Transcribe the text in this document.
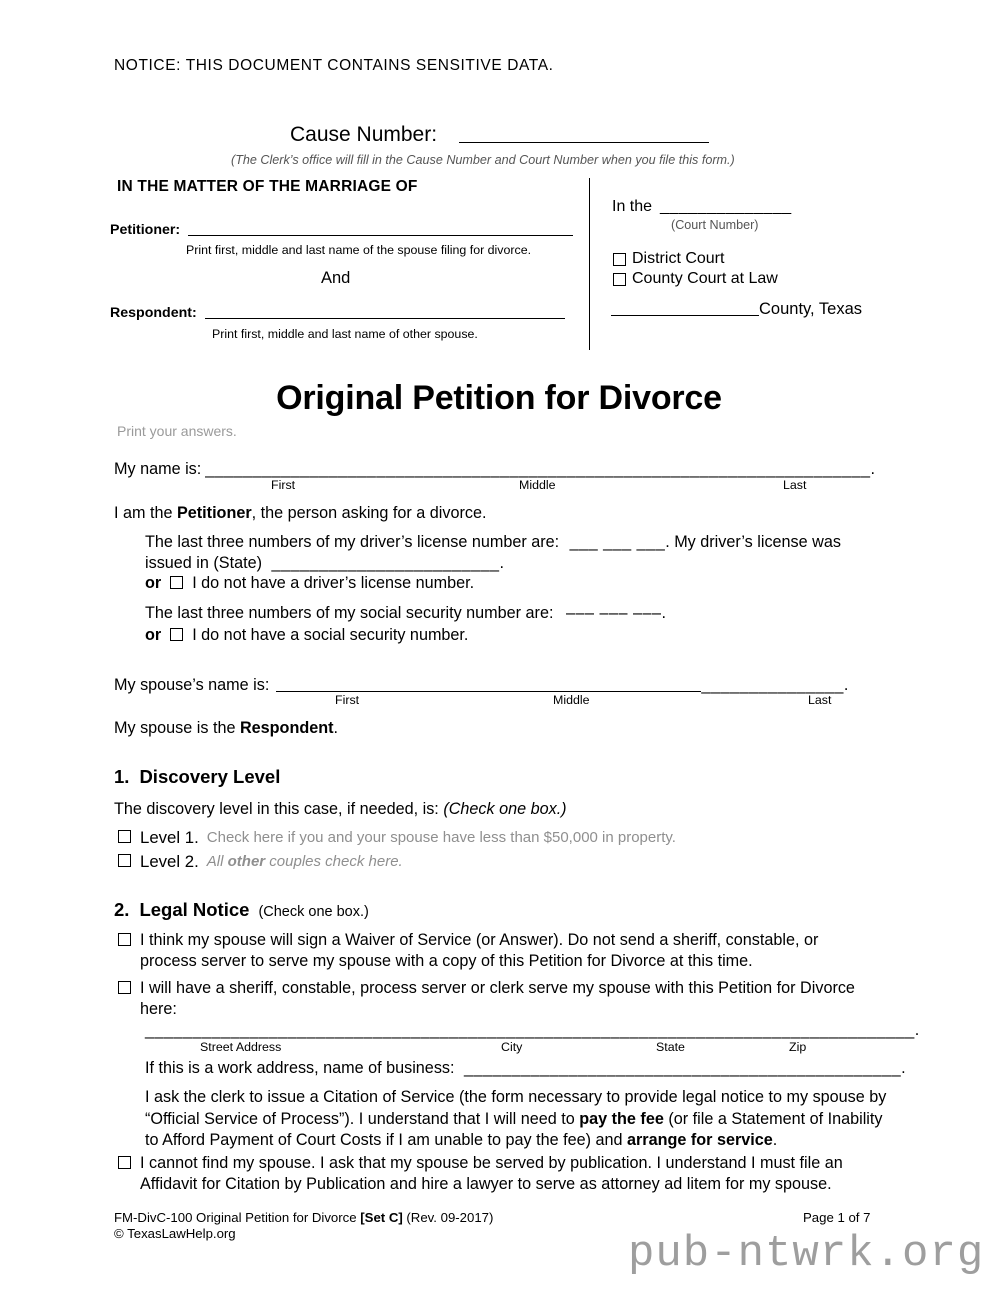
NOTICE: THIS DOCUMENT CONTAINS SENSITIVE DATA.
Cause Number:
(The Clerk’s office will fill in the Cause Number and Court Number when you file this form.)
IN THE MATTER OF THE MARRIAGE OF
Petitioner:
Print first, middle and last name of the spouse filing for divorce.
And
Respondent:
Print first, middle and last name of other spouse.
In the ______________
(Court Number)
District Court
County Court at Law
County, Texas
Original Petition for Divorce
Print your answers.
My name is: ______________________________________________________________________ .
First	Middle	Last
I am the Petitioner, the person asking for a divorce.
The last three numbers of my driver’s license number are: ___ ___ ___. My driver’s license was
issued in (State) ________________________.
or I do not have a driver’s license number.
The last three numbers of my social security number are: ––– ––– –––.
or I do not have a social security number.
My spouse’s name is:	_______________ .
First	Middle	Last
My spouse is the Respondent.
1. Discovery Level
The discovery level in this case, if needed, is: (Check one box.)
Level 1. Check here if you and your spouse have less than $50,000 in property.
Level 2. All other couples check here.
2. Legal Notice (Check one box.)
I think my spouse will sign a Waiver of Service (or Answer). Do not send a sheriff, constable, or
process server to serve my spouse with a copy of this Petition for Divorce at this time.
I will have a sheriff, constable, process server or clerk serve my spouse with this Petition for Divorce
here:
_________________________________________________________________________________.
Street Address	City	State	Zip
If this is a work address, name of business: ______________________________________________.
I ask the clerk to issue a Citation of Service (the form necessary to provide legal notice to my spouse by
“Official Service of Process”). I understand that I will need to pay the fee (or file a Statement of Inability
to Afford Payment of Court Costs if I am unable to pay the fee) and arrange for service.
I cannot find my spouse. I ask that my spouse be served by publication. I understand I must file an
Affidavit for Citation by Publication and hire a lawyer to serve as attorney ad litem for my spouse.
FM-DivC-100 Original Petition for Divorce [Set C] (Rev. 09-2017)
© TexasLawHelp.org
Page 1 of 7
pub-ntwrk.org
